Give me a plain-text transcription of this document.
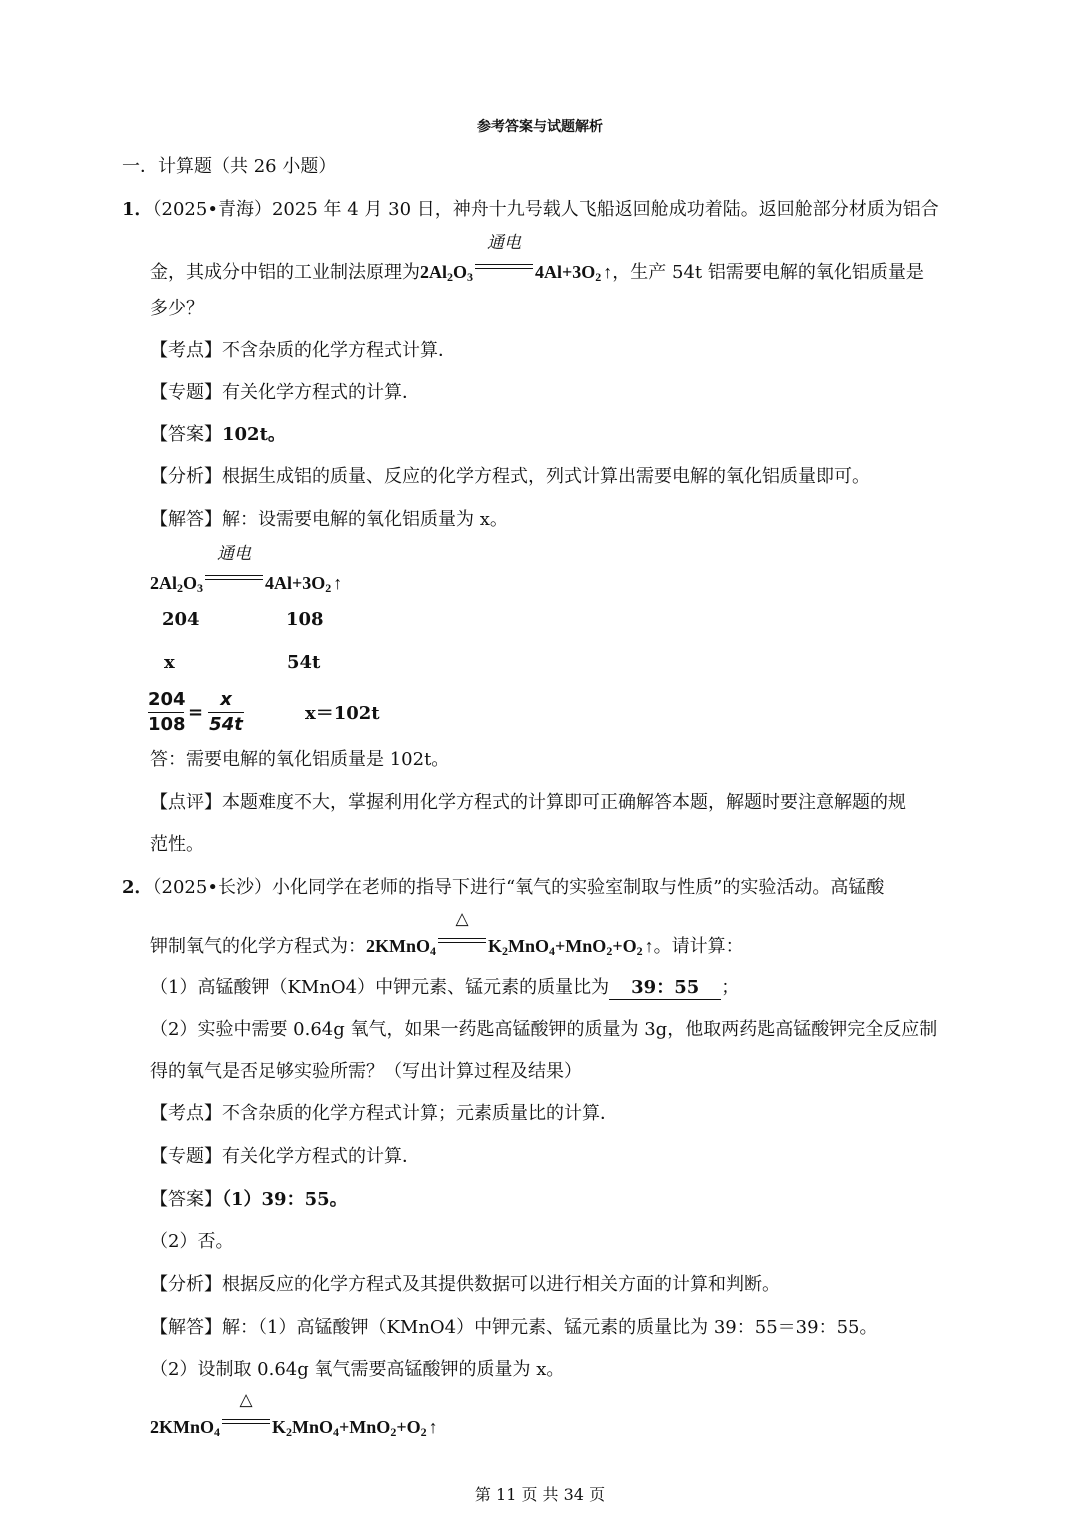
参考答案与试题解析
一．计算题（共 26 小题）
1．（2025•青海）2025 年 4 月 30 日，神舟十九号载人飞船返回舱成功着陆。返回舱部分材质为铝合
金，其成分中铝的工业制法原理为$2Al_2O_3$
通电
$4Al+3O_2$ ↑，生产 54t 铝需要电解的氧化铝质量是
多少？
【考点】不含杂质的化学方程式计算．
【专题】有关化学方程式的计算．
【答案】102t。
【分析】根据生成铝的质量、反应的化学方程式，列式计算出需要电解的氧化铝质量即可。
【解答】解：设需要电解的氧化铝质量为 x。
$2Al_2O_3$
通电
$4Al+3O_2$ ↑
204	108
x	54t
204
108
=
x
54t
x＝102t
答：需要电解的氧化铝质量是 102t。
【点评】本题难度不大，掌握利用化学方程式的计算即可正确解答本题，解题时要注意解题的规
范性。
2．（2025•长沙）小化同学在老师的指导下进行“氧气的实验室制取与性质”的实验活动。高锰酸
钾制氧气的化学方程式为：2KMnO$_4$
△
$K_2MnO_4+MnO_2+O_2$ ↑。请计算：
（1）高锰酸钾（KMnO4）中钾元素、锰元素的质量比为 39：55 ；
（2）实验中需要 0.64g 氧气，如果一药匙高锰酸钾的质量为 3g，他取两药匙高锰酸钾完全反应制
得的氧气是否足够实验所需？（写出计算过程及结果）
【考点】不含杂质的化学方程式计算；元素质量比的计算．
【专题】有关化学方程式的计算．
【答案】（1）39：55。
（2）否。
【分析】根据反应的化学方程式及其提供数据可以进行相关方面的计算和判断。
【解答】解：（1）高锰酸钾（KMnO4）中钾元素、锰元素的质量比为 39：55＝39：55。
（2）设制取 0.64g 氧气需要高锰酸钾的质量为 x。
2KMnO$_4$
△
$K_2MnO_4+MnO_2+O_2$ ↑
第 11 页 共 34 页
